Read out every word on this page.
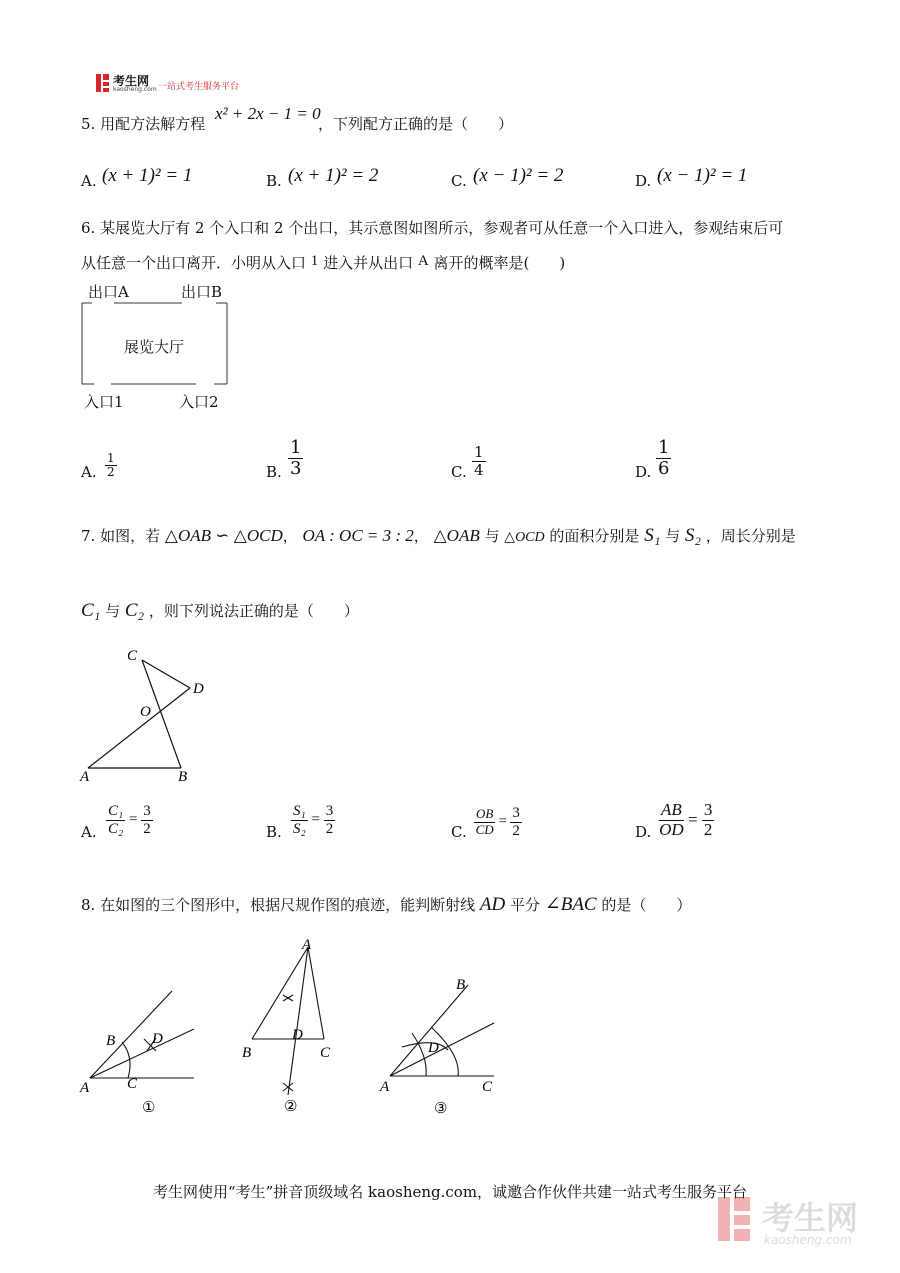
考生网
kaosheng.com 一站式考生服务平台
5. 用配方法解方程
x² + 2x − 1 = 0
，下列配方正确的是（　　）
A. (x + 1)² = 1	B. (x + 1)² = 2	C. (x − 1)² = 2	D. (x − 1)² = 1
6. 某展览大厅有 2 个入口和 2 个出口，其示意图如图所示，参观者可从任意一个入口进入，参观结束后可
从任意一个出口离开．小明从入口 1 进入并从出口 A 离开的概率是(　　)
出口A	出口B
展览大厅
入口1	入口2
A. $\frac{1}{2}$	B. $\frac{1}{3}$	C. $\frac{1}{4}$	D. $\frac{1}{6}$
7. 如图，若 △OAB ∽ △OCD， OA : OC = 3 : 2， △OAB 与 △OCD 的面积分别是 S₁ 与 S₂ ，周长分别是
C₁ 与 C₂ ，则下列说法正确的是（　　）
C
D
O
A	B
A. $\frac{\text{C₁}}{\text{C₂}} = \frac{3}{2}$	B. $\frac{\text{S₁}}{\text{S₂}} = \frac{3}{2}$	C. $\frac{OB}{CD} = \frac{3}{2}$	D. $\frac{AB}{OD} = \frac{3}{2}$
8. 在如图的三个图形中，根据尺规作图的痕迹，能判断射线 AD 平分 ∠BAC 的是（　　）
B D
A	C
①
A
D
B	C
②
B
D
A	C
③
考生网使用“考生”拼音顶级域名 kaosheng.com，诚邀合作伙伴共建一站式考生服务平台
考生网
kaosheng.com
